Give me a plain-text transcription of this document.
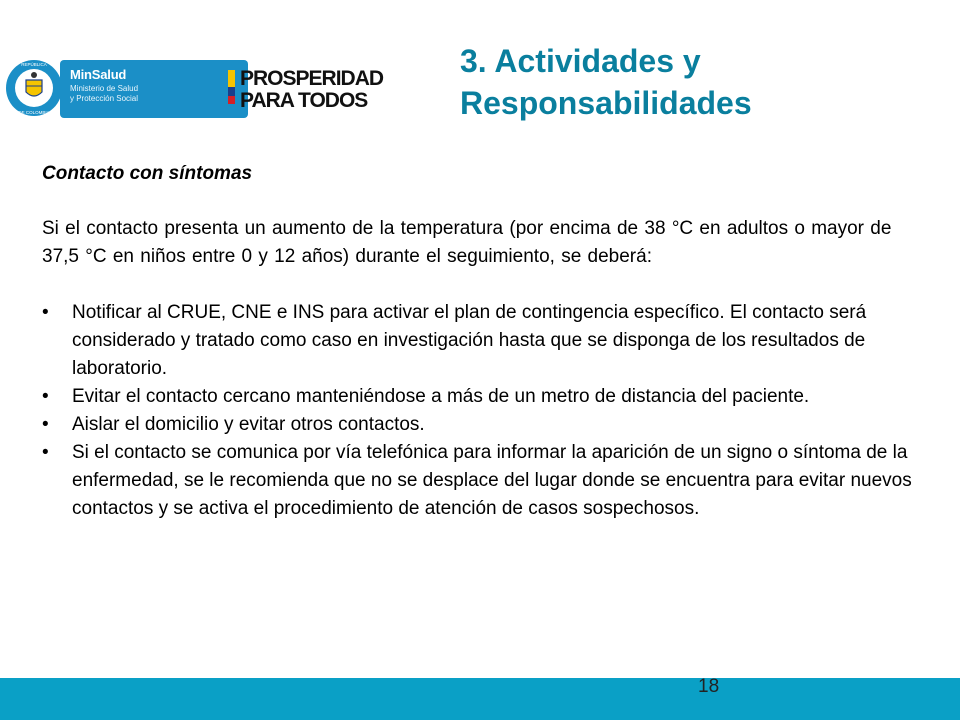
REPÚBLICA
DE COLOMBIA
MinSalud
Ministerio de Salud
y Protección Social
PROSPERIDAD
PARA TODOS
3. Actividades y
Responsabilidades

Contacto con síntomas

Si el contacto presenta un aumento de la temperatura (por encima de 38 °C en adultos o mayor de 37,5 °C en niños entre 0 y 12 años) durante el seguimiento, se deberá:

• Notificar al CRUE, CNE e INS para activar el plan de contingencia específico. El contacto será considerado y tratado como caso en investigación hasta que se disponga de los resultados de laboratorio.
• Evitar el contacto cercano manteniéndose a más de un metro de distancia del paciente.
• Aislar el domicilio y evitar otros contactos.
• Si el contacto se comunica por vía telefónica para informar la aparición de un signo o síntoma de la enfermedad, se le recomienda que no se desplace del lugar donde se encuentra para evitar nuevos contactos y se activa el procedimiento de atención de casos sospechosos.
18
